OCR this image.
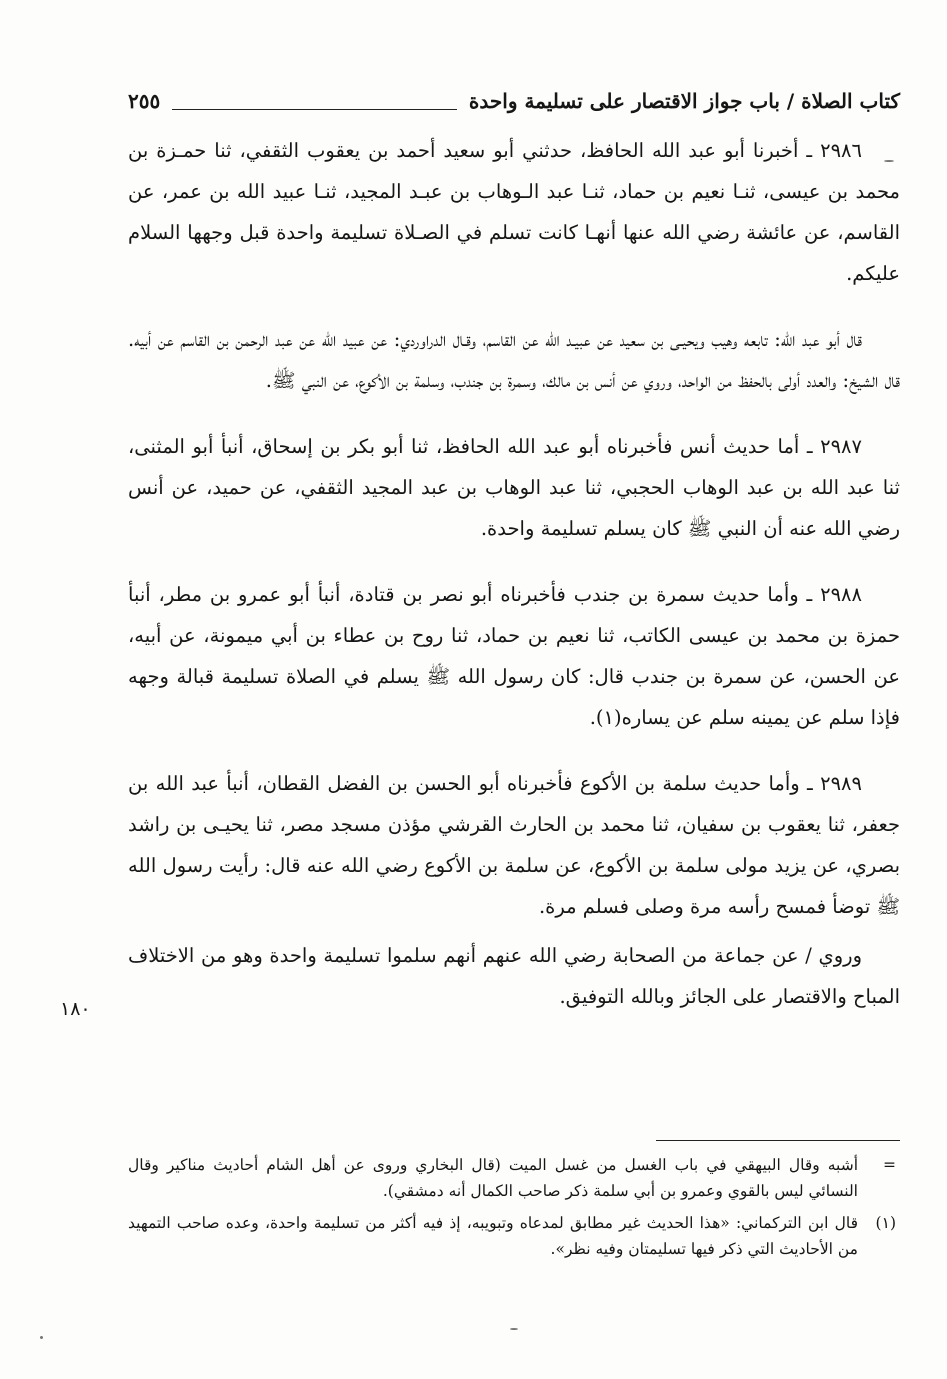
كتاب الصلاة / باب جواز الاقتصار على تسليمة واحدة
٢٥٥

٢٩٨٦ ـ أخبرنا أبو عبد الله الحافظ، حدثني أبو سعيد أحمد بن يعقوب الثقفي، ثنا حمـزة بن محمد بن عيسى، ثنـا نعيم بن حماد، ثنـا عبد الـوهاب بن عبـد المجيد، ثنـا عبيد الله بن عمر، عن القاسم، عن عائشة رضي الله عنها أنهـا كانت تسلم في الصـلاة تسليمة واحدة قبل وجهها السلام عليكم.

قال أبو عبد الله: تابعه وهيب ويحيـى بن سعيد عن عبيـد الله عن القاسم، وقـال الدراوردي: عن عبيد الله عن عبد الرحمن بن القاسم عن أبيه. قال الشيخ: والعدد أولى بالحفظ من الواحد، وروي عن أنس بن مالك، وسمرة بن جندب، وسلمة بن الأكوع، عن النبي ﷺ.

٢٩٨٧ ـ أما حديث أنس فأخبرناه أبو عبد الله الحافظ، ثنا أبو بكر بن إسحاق، أنبأ أبو المثنى، ثنا عبد الله بن عبد الوهاب الحجبي، ثنا عبد الوهاب بن عبد المجيد الثقفي، عن حميد، عن أنس رضي الله عنه أن النبي ﷺ كان يسلم تسليمة واحدة.

٢٩٨٨ ـ وأما حديث سمرة بن جندب فأخبرناه أبو نصر بن قتادة، أنبأ أبو عمرو بن مطر، أنبأ حمزة بن محمد بن عيسى الكاتب، ثنا نعيم بن حماد، ثنا روح بن عطاء بن أبي ميمونة، عن أبيه، عن الحسن، عن سمرة بن جندب قال: كان رسول الله ﷺ يسلم في الصلاة تسليمة قبالة وجهه فإذا سلم عن يمينه سلم عن يساره(١).

٢٩٨٩ ـ وأما حديث سلمة بن الأكوع فأخبرناه أبو الحسن بن الفضل القطان، أنبأ عبد الله بن جعفر، ثنا يعقوب بن سفيان، ثنا محمد بن الحارث القرشي مؤذن مسجد مصر، ثنا يحيـى بن راشد بصري، عن يزيد مولى سلمة بن الأكوع، عن سلمة بن الأكوع رضي الله عنه قال: رأيت رسول الله ﷺ توضأ فمسح رأسه مرة وصلى فسلم مرة.

وروي / عن جماعة من الصحابة رضي الله عنهم أنهم سلموا تسليمة واحدة وهو من الاختلاف المباح والاقتصار على الجائز وبالله التوفيق.

١٨٠

=
أشبه وقال البيهقي في باب الغسل من غسل الميت (قال البخاري وروى عن أهل الشام أحاديث مناكير وقال النسائي ليس بالقوي وعمرو بن أبي سلمة ذكر صاحب الكمال أنه دمشقي).

(١)
قال ابن التركماني: «هذا الحديث غير مطابق لمدعاه وتبويبه، إذ فيه أكثر من تسليمة واحدة، وعده صاحب التمهيد من الأحاديث التي ذكر فيها تسليمتان وفيه نظر».
